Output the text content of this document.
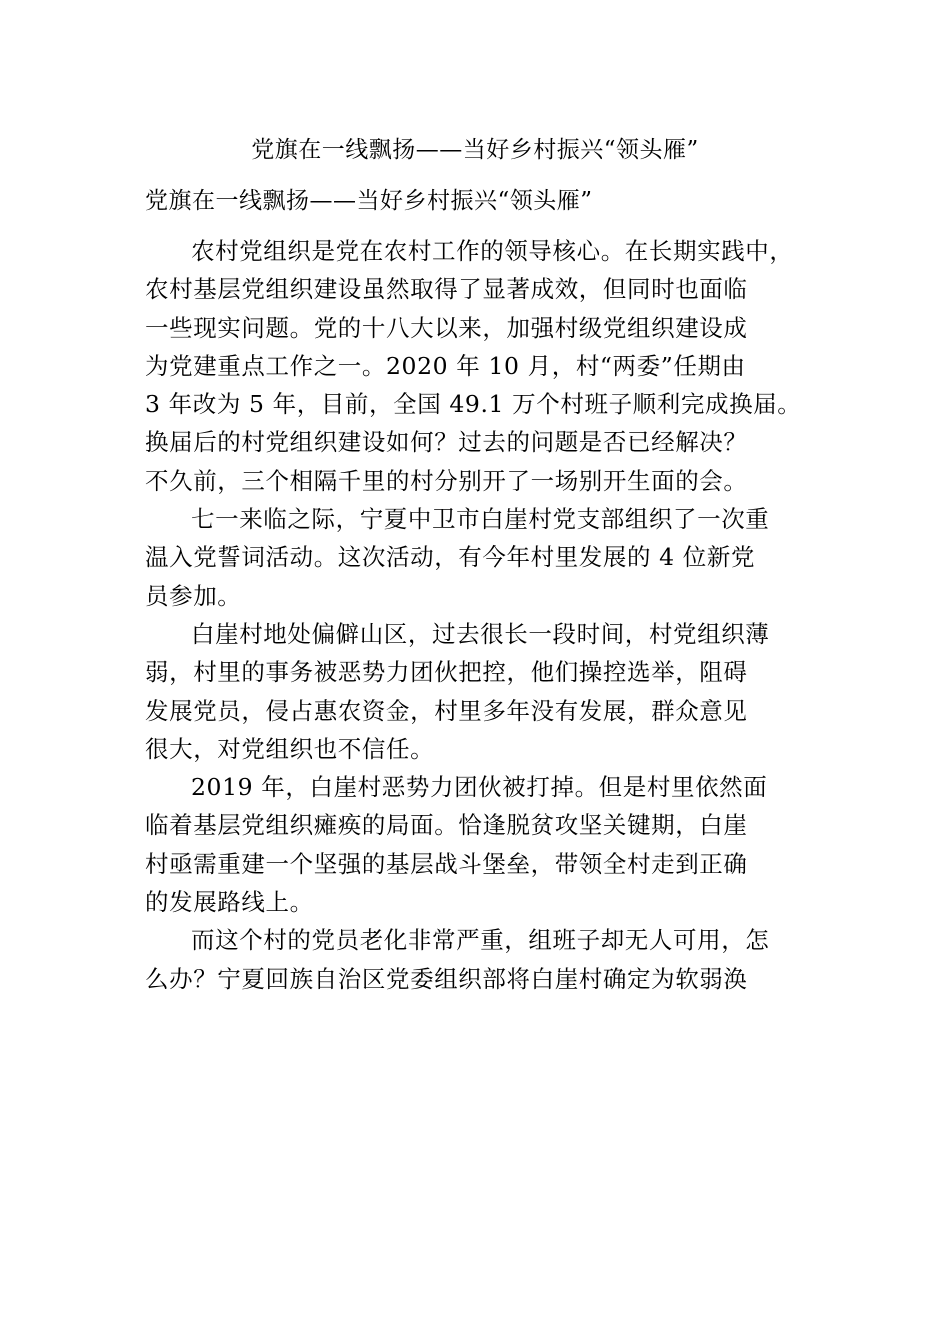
党旗在一线飘扬——当好乡村振兴“领头雁”
党旗在一线飘扬——当好乡村振兴“领头雁”

农村党组织是党在农村工作的领导核心。在长期实践中，
农村基层党组织建设虽然取得了显著成效，但同时也面临
一些现实问题。党的十八大以来，加强村级党组织建设成
为党建重点工作之一。2020 年 10 月，村“两委”任期由
3 年改为 5 年，目前，全国 49.1 万个村班子顺利完成换届。
换届后的村党组织建设如何？过去的问题是否已经解决？
不久前，三个相隔千里的村分别开了一场别开生面的会。

七一来临之际，宁夏中卫市白崖村党支部组织了一次重
温入党誓词活动。这次活动，有今年村里发展的 4 位新党
员参加。

白崖村地处偏僻山区，过去很长一段时间，村党组织薄
弱，村里的事务被恶势力团伙把控，他们操控选举，阻碍
发展党员，侵占惠农资金，村里多年没有发展，群众意见
很大，对党组织也不信任。

2019 年，白崖村恶势力团伙被打掉。但是村里依然面
临着基层党组织瘫痪的局面。恰逢脱贫攻坚关键期，白崖
村亟需重建一个坚强的基层战斗堡垒，带领全村走到正确
的发展路线上。

而这个村的党员老化非常严重，组班子却无人可用，怎
么办？宁夏回族自治区党委组织部将白崖村确定为软弱涣
